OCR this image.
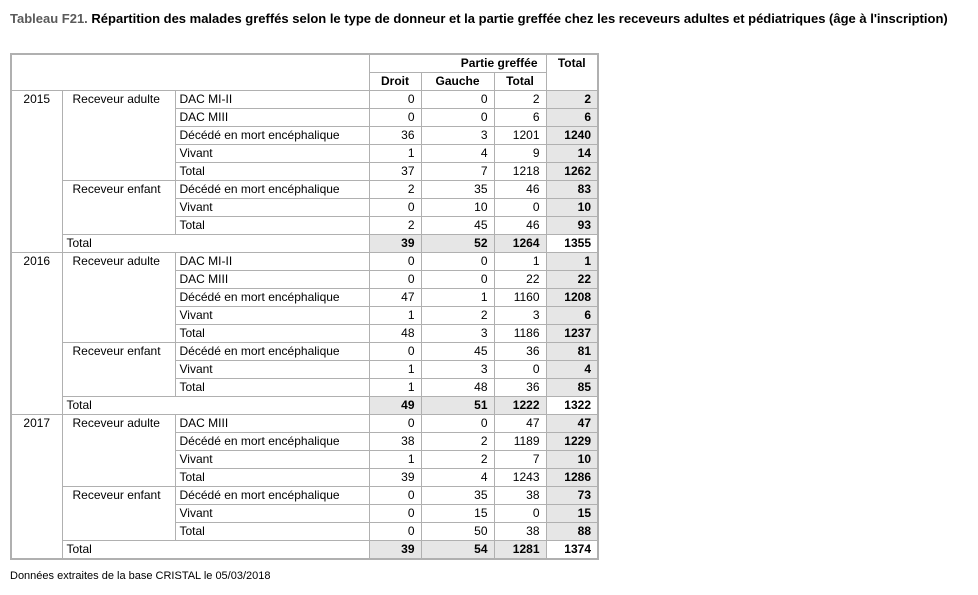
Tableau F21. Répartition des malades greffés selon le type de donneur et la partie greffée chez les receveurs adultes et pédiatriques (âge à l'inscription)
			Partie greffée			Total
			Droit	Gauche	Total	
2015	Receveur adulte	DAC MI-II	0	0	2	2
		DAC MIII	0	0	6	6
		Décédé en mort encéphalique	36	3	1201	1240
		Vivant	1	4	9	14
		Total	37	7	1218	1262
	Receveur enfant	Décédé en mort encéphalique	2	35	46	83
		Vivant	0	10	0	10
		Total	2	45	46	93
	Total		39	52	1264	1355
2016	Receveur adulte	DAC MI-II	0	0	1	1
		DAC MIII	0	0	22	22
		Décédé en mort encéphalique	47	1	1160	1208
		Vivant	1	2	3	6
		Total	48	3	1186	1237
	Receveur enfant	Décédé en mort encéphalique	0	45	36	81
		Vivant	1	3	0	4
		Total	1	48	36	85
	Total		49	51	1222	1322
2017	Receveur adulte	DAC MIII	0	0	47	47
		Décédé en mort encéphalique	38	2	1189	1229
		Vivant	1	2	7	10
		Total	39	4	1243	1286
	Receveur enfant	Décédé en mort encéphalique	0	35	38	73
		Vivant	0	15	0	15
		Total	0	50	38	88
	Total		39	54	1281	1374
Données extraites de la base CRISTAL le 05/03/2018
